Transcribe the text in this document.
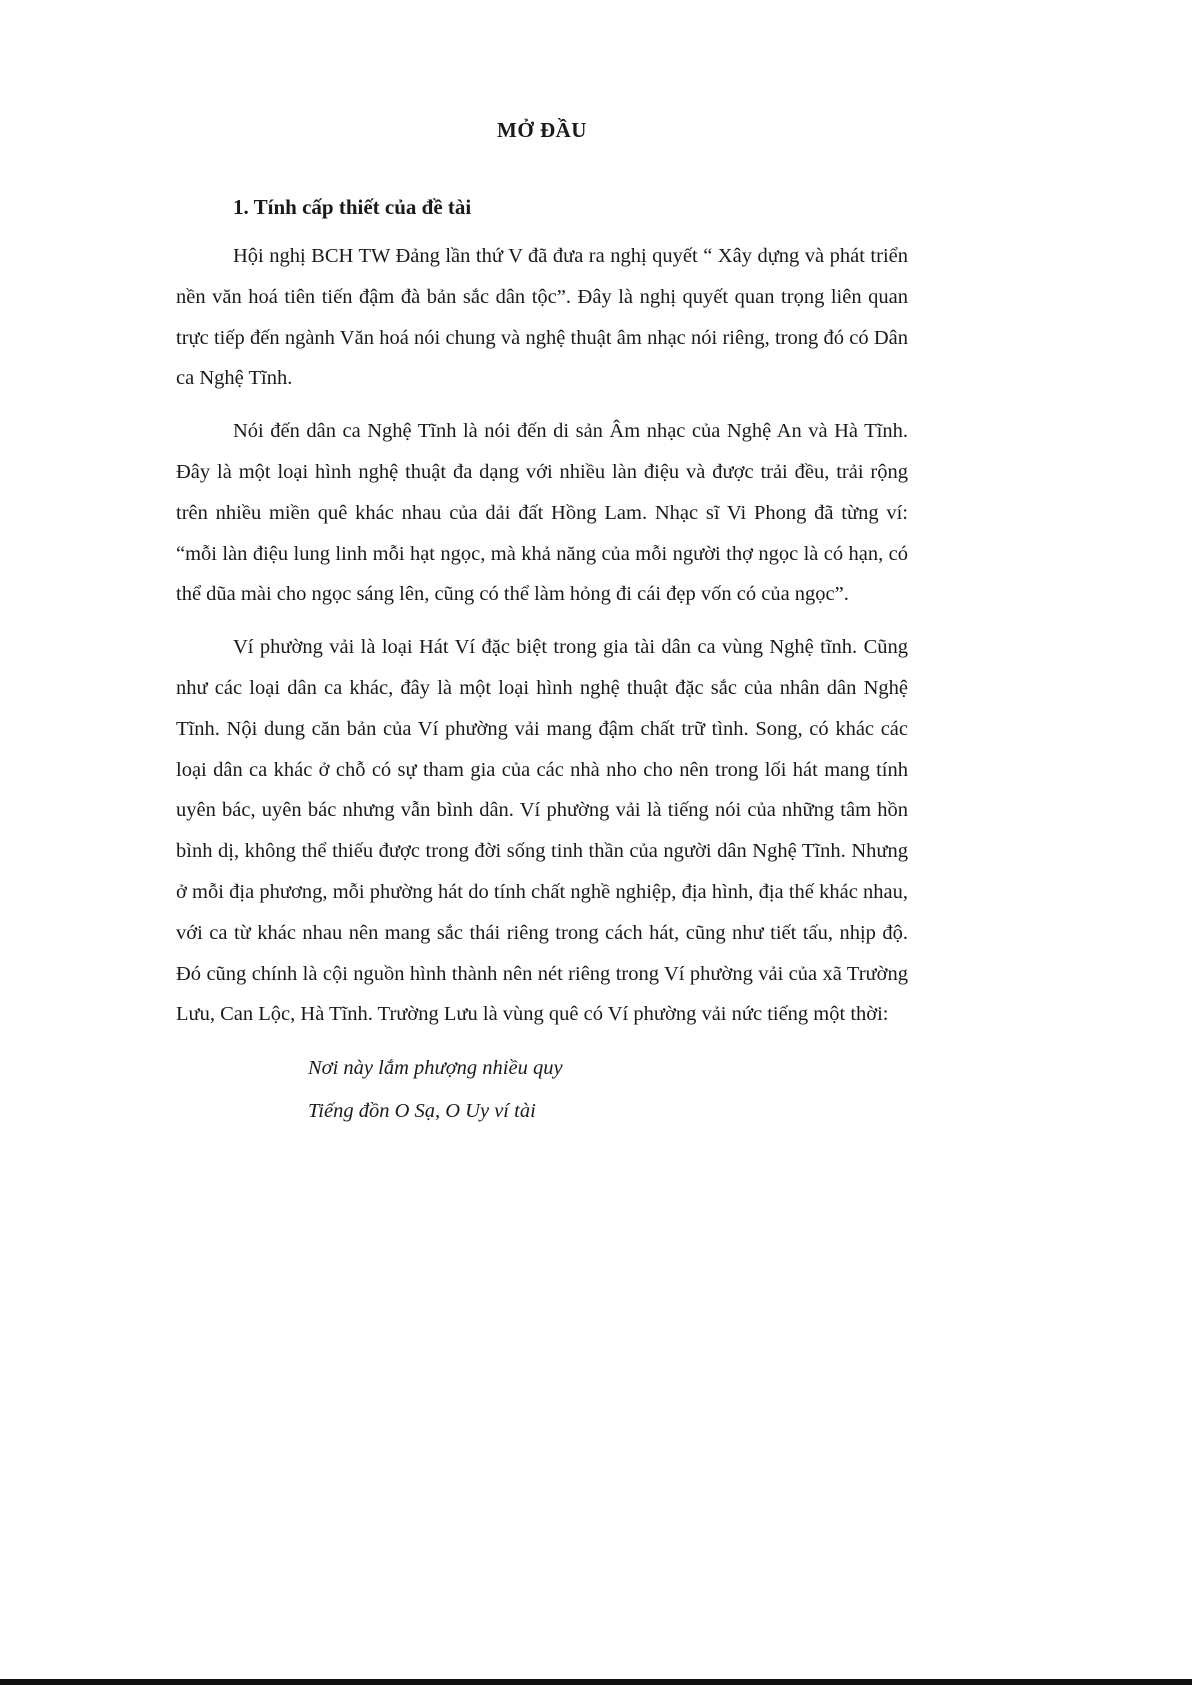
MỞ ĐẦU
1. Tính cấp thiết của đề tài

Hội nghị BCH TW Đảng lần thứ V đã đưa ra nghị quyết “ Xây dựng và phát triển nền văn hoá tiên tiến đậm đà bản sắc dân tộc”. Đây là nghị quyết quan trọng liên quan trực tiếp đến ngành Văn hoá nói chung và nghệ thuật âm nhạc nói riêng, trong đó có Dân ca Nghệ Tĩnh.

Nói đến dân ca Nghệ Tĩnh là nói đến di sản Âm nhạc của Nghệ An và Hà Tĩnh. Đây là một loại hình nghệ thuật đa dạng với nhiều làn điệu và được trải đều, trải rộng trên nhiều miền quê khác nhau của dải đất Hồng Lam. Nhạc sĩ Vi Phong đã từng ví: “mỗi làn điệu lung linh mỗi hạt ngọc, mà khả năng của mỗi người thợ ngọc là có hạn, có thể dũa mài cho ngọc sáng lên, cũng có thể làm hỏng đi cái đẹp vốn có của ngọc”.

Ví phường vải là loại Hát Ví đặc biệt trong gia tài dân ca vùng Nghệ tĩnh. Cũng như các loại dân ca khác, đây là một loại hình nghệ thuật đặc sắc của nhân dân Nghệ Tĩnh. Nội dung căn bản của Ví phường vải mang đậm chất trữ tình. Song, có khác các loại dân ca khác ở chỗ có sự tham gia của các nhà nho cho nên trong lối hát mang tính uyên bác, uyên bác nhưng vẫn bình dân. Ví phường vải là tiếng nói của những tâm hồn bình dị, không thể thiếu được trong đời sống tinh thần của người dân Nghệ Tĩnh. Nhưng ở mỗi địa phương, mỗi phường hát do tính chất nghề nghiệp, địa hình, địa thế khác nhau, với ca từ khác nhau nên mang sắc thái riêng trong cách hát, cũng như tiết tấu, nhịp độ. Đó cũng chính là cội nguồn hình thành nên nét riêng trong Ví phường vải của xã Trường Lưu, Can Lộc, Hà Tĩnh. Trường Lưu là vùng quê có Ví phường vải nức tiếng một thời:

Nơi này lắm phượng nhiều quy
Tiếng đồn O Sạ, O Uy ví tài
